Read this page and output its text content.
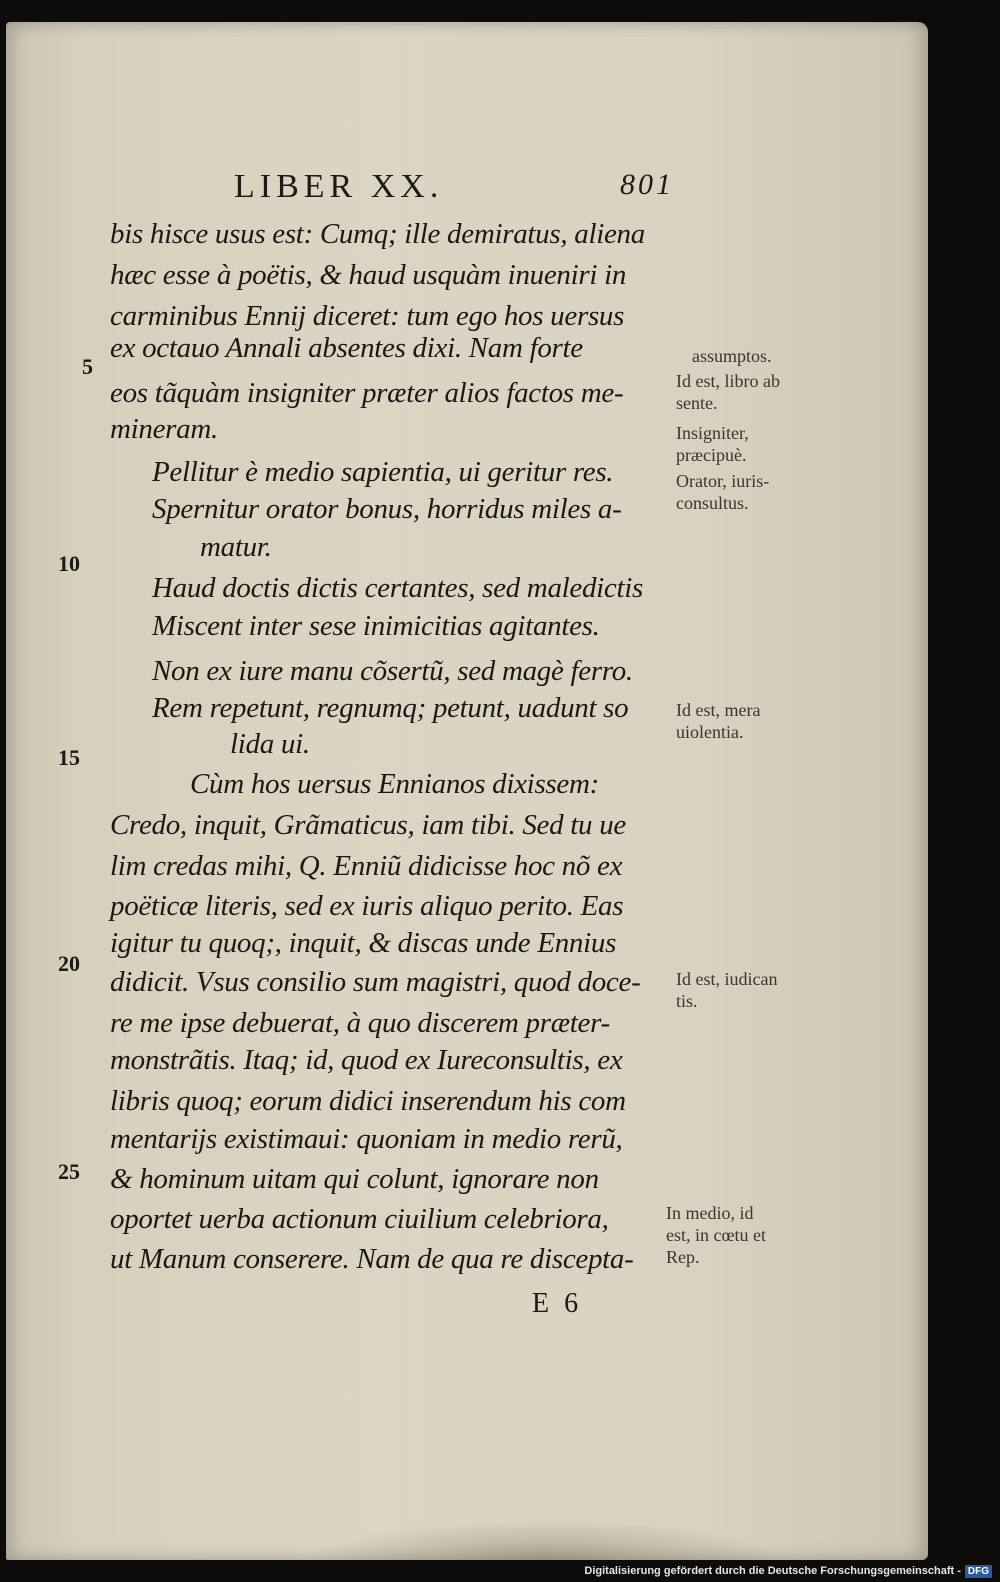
LIBER XX.	801
bis hisce usus est: Cumq; ille demiratus, aliena
hæc esse à poëtis, & haud usquàm inueniri in
carminibus Ennij diceret: tum ego hos uersus
ex octauo Annali absentes dixi. Nam forte
eos tãquàm insigniter præter alios factos me-
mineram.
Pellitur è medio sapientia, ui geritur res.
Spernitur orator bonus, horridus miles a-
matur.
Haud doctis dictis certantes, sed maledictis
Miscent inter sese inimicitias agitantes.
Non ex iure manu cõsertũ, sed magè ferro.
Rem repetunt, regnumq; petunt, uadunt so
lida ui.
Cùm hos uersus Ennianos dixissem:
Credo, inquit, Grãmaticus, iam tibi. Sed tu ue
lim credas mihi, Q. Enniũ didicisse hoc nõ ex
poëticæ literis, sed ex iuris aliquo perito. Eas
igitur tu quoq;, inquit, & discas unde Ennius
didicit. Vsus consilio sum magistri, quod doce-
re me ipse debuerat, à quo discerem præter-
monstrãtis. Itaq; id, quod ex Iureconsultis, ex
libris quoq; eorum didici inserendum his com
mentarijs existimaui: quoniam in medio rerũ,
& hominum uitam qui colunt, ignorare non
oportet uerba actionum ciuilium celebriora,
ut Manum conserere. Nam de qua re discepta-
5
10
15
20
25
assumptos.
Id est, libro ab
sente.
Insigniter,
præcipuè.
Orator, iuris-
consultus.
Id est, mera
uiolentia.
Id est, iudican
tis.
In medio, id
est, in cœtu et
Rep.
E 6
Digitalisierung gefördert durch die Deutsche Forschungsgemeinschaft - DFG
